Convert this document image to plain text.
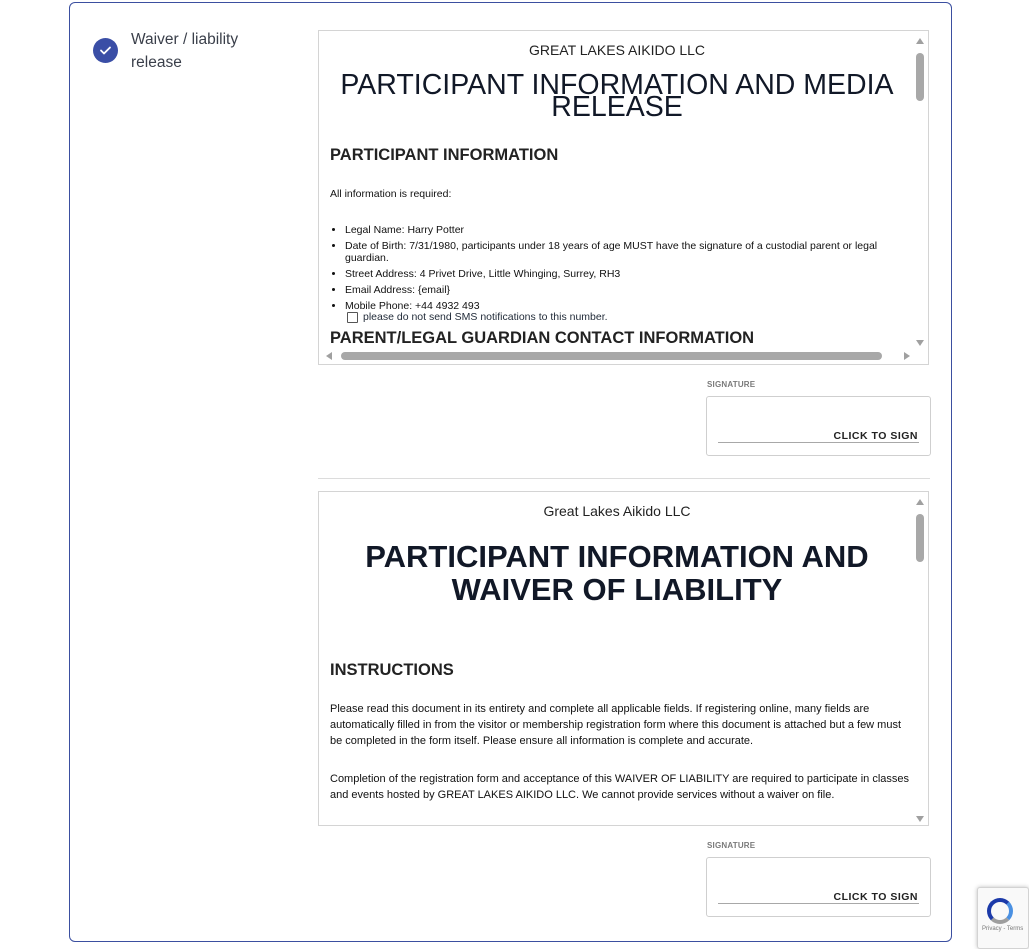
Waiver / liability release
GREAT LAKES AIKIDO LLC
PARTICIPANT INFORMATION AND MEDIA RELEASE
PARTICIPANT INFORMATION
All information is required:
• Legal Name: Harry Potter
• Date of Birth: 7/31/1980, participants under 18 years of age MUST have the signature of a custodial parent or legal guardian.
• Street Address: 4 Privet Drive, Little Whinging, Surrey, RH3
• Email Address: {email}
• Mobile Phone: +44 4932 493
please do not send SMS notifications to this number.
PARENT/LEGAL GUARDIAN CONTACT INFORMATION
SIGNATURE
CLICK TO SIGN
Great Lakes Aikido LLC
PARTICIPANT INFORMATION AND WAIVER OF LIABILITY
INSTRUCTIONS
Please read this document in its entirety and complete all applicable fields. If registering online, many fields are automatically filled in from the visitor or membership registration form where this document is attached but a few must be completed in the form itself. Please ensure all information is complete and accurate.
Completion of the registration form and acceptance of this WAIVER OF LIABILITY are required to participate in classes and events hosted by GREAT LAKES AIKIDO LLC. We cannot provide services without a waiver on file.
SIGNATURE
CLICK TO SIGN
Privacy - Terms
